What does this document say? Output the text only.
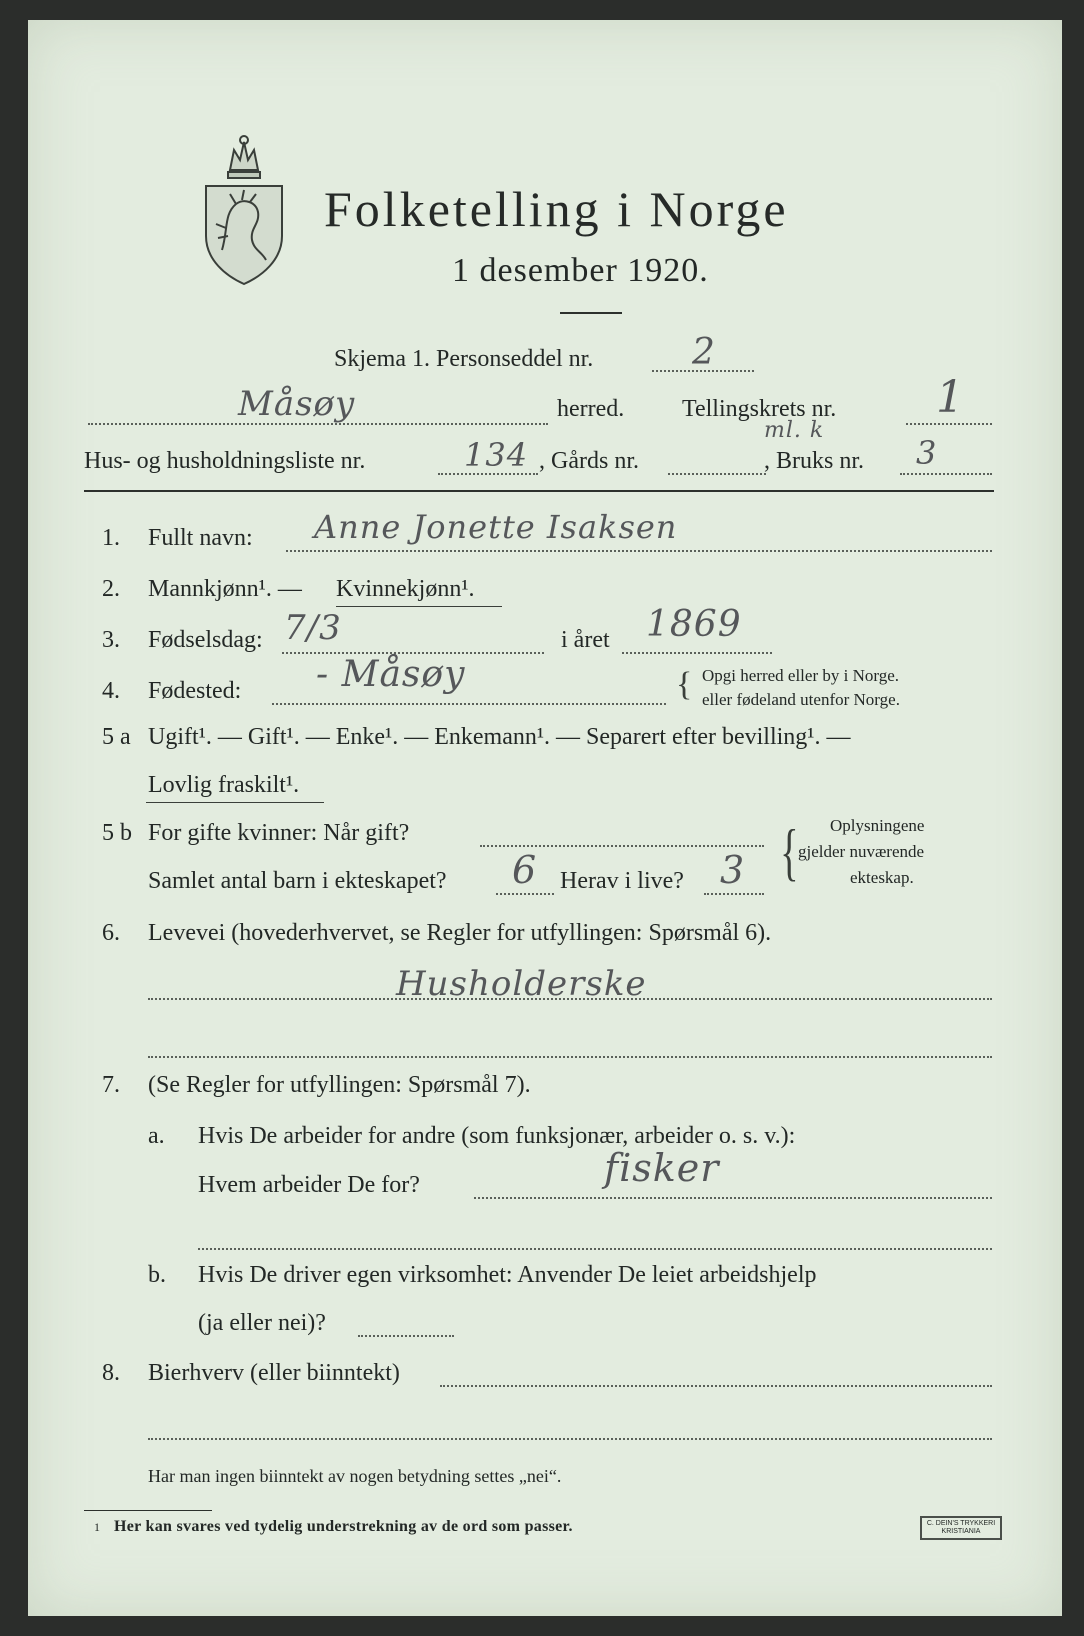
Folketelling i Norge
1 desember 1920.
Skjema 1. Personseddel nr.	2
Måsøy	herred. Tellingskrets nr. 1
Hus- og husholdningsliste nr.	134 , Gårds nr.	, Bruks nr.
ml. k
3
1. Fullt navn: Anne Jonette Isaksen
2. Mannkjønn¹. — Kvinnekjønn¹.
3. Fødselsdag: 7/3	i året 1869
4. Fødested: - Måsøy	{ Opgi herred eller by i Norge.
eller fødeland utenfor Norge.
5 a Ugift¹. — Gift¹. — Enke¹. — Enkemann¹. — Separert efter bevilling¹. —
Lovlig fraskilt¹.
5 b For gifte kvinner: Når gift?
Samlet antal barn i ekteskapet? 6 Herav i live? 3 { Oplysningene
gjelder nuværende
ekteskap.
6. Levevei (hovederhvervet, se Regler for utfyllingen: Spørsmål 6).
Husholderske
7. (Se Regler for utfyllingen: Spørsmål 7).
a. Hvis De arbeider for andre (som funksjonær, arbeider o. s. v.):
Hvem arbeider De for?	fisker
b. Hvis De driver egen virksomhet: Anvender De leiet arbeidshjelp
(ja eller nei)?
8. Bierhverv (eller biinntekt)
Har man ingen biinntekt av nogen betydning settes „nei“.
1 Her kan svares ved tydelig understrekning av de ord som passer.	C. DEIN'S TRYKKERI
KRISTIANIA
